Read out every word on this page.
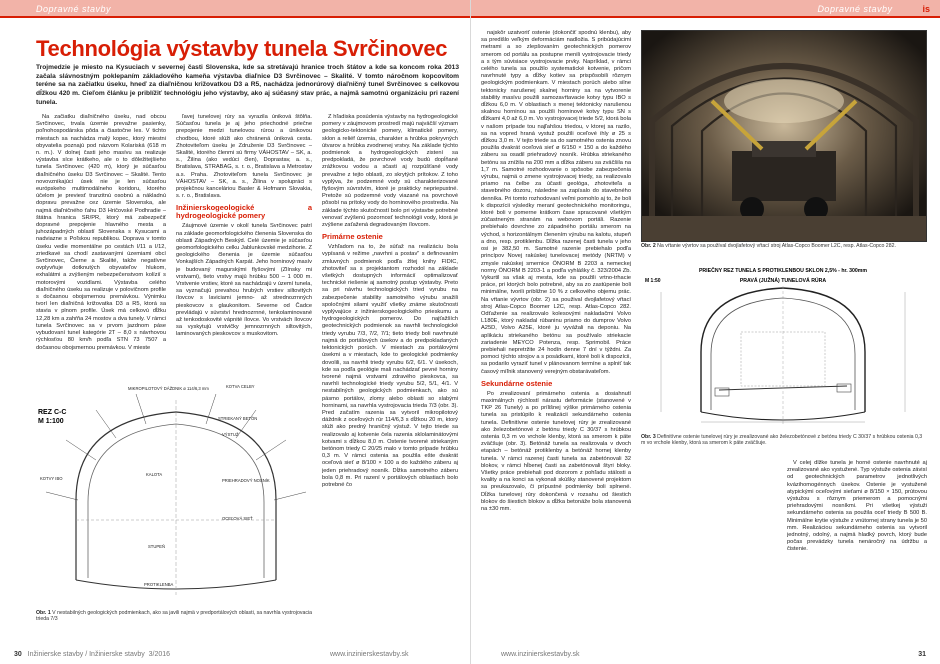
Dopravné stavby
Technológia výstavby tunela Svrčinovec
Trojmedzie je miesto na Kysuciach v severnej časti Slovenska, kde sa stretávajú hranice troch štátov a kde sa koncom roka 2013 začala slávnostným poklepaním základového kameňa výstavba diaľnice D3 Svrčinovec – Skalité. V tomto náročnom kopcovitom teréne sa na začiatku úseku, hneď za diaľničnou križovatkou D3 a R5, nachádza jednorúrový diaľničný tunel Svrčinovec s celkovou dĺžkou 420 m. Cieľom článku je priblížiť technológiu jeho výstavby, ako aj súčasný stav prác, a najmä samotnú organizáciu pri razení tunela.

Na začiatku diaľničného úseku, nad obcou Svrčinovec, trvala územie prevažne pasienky, poľnohospodárska pôda a čiastočne les. V tichto miestach sa nachádza malý kopec, ktorý miestni obyvatelia poznajú pod názvom Kolariská (618 m n. m.). V dolnej časti jeho masívu sa realizuje výstavba síce krátkeho, ale o to dôležitejšieho tunela Svrčinovec (420 m), ktorý je súčasťou diaľničného úseku D3 Svrčinovec – Skalité. Tento novovznikajúci úsek nie je len súčasťou európskeho multimodálneho koridoru, ktorého účelom je previesť tranzitnú osobnú a nákladnú dopravu prevažne cez územie Slovenska, ale najmä diaľničného ťahu D3 Hričovské Podhradie – štátna hranica SR/PR, ktorý má zabezpečiť dopravné prepojenie hlavného mesta a juhozápadných oblastí Slovenska s Kysucami a nadviazne s Poľskou republikou. Doprava v tomto úseku vedie momentálne po cestách I/11 a I/12, zriedkavé sa chodí zastavanými územiami obcí Svrčinovec, Čierne a Skalité, takže negatívne ovplyvňuje dotknutých obyvateľov hlukom, exhalátmi a zvýšeným nebezpečenstvom kolízií s motorovými vozidlami. Výstavba celého diaľničného úseku sa realizuje v polovičnom profile s dočasnou obojsmernou premávkou. Výnimku tvorí len diaľničná križovatka D3 a R5, ktorá sa stavia v plnom profile. Úsek má celkovú dĺžku 12,28 km a zahŕňa 24 mostov a dva tunely. V rámci tunela Svrčinovec sa v prvom jazdnom páse vybudovaní tunel kategórie 2T – 8,0 s návrhovou rýchlosťou 80 km/h podľa STN 73 7507 a dočasnou obojsmernou premávkou. V mieste

ľavej tunelovej rúry sa vyrazila úniková štôlňa. Súčasťou tunela je aj jeho priechodné priečne prepojenie medzi tunelovou rúrou a únikovou chodbou, ktoré slúži ako chránená úniková cesta. Zhotoviteľom úseku je Združenie D3 Svrčinovec – Skalité, ktorého členmi sú firmy VÁHOSTAV – SK, a. s., Žilina (ako vedúci člen), Doprastav, a. s., Bratislava, STRABAG, s. r. o., Bratislava a Metrostav a.s. Praha. Zhotoviteľom tunela Svrčinovec je VÁHOSTAV – SK, a. s., Žilina v spolupráci s projekčnou kanceláriou Basler & Hofmann Slovakia, s. r. o., Bratislava.

Inžinierskogeologické a hydrogeologické pomery

Záujmové územie v okolí tunela Svrčinovec patrí na základe geomorfologického členenia Slovenska do oblasti Západných Beskýd. Celé územie je súčasťou geomorfologického celku Jablunkovské medzihorie. Z geologického členenia je územie súčasťou Vonkajších Západných Karpát. Jeho horninový masív je budovaný magurskými flyšovými (Zlínsky mi vrstvami), tieto vrstvy majú hrúbku 500 – 1 000 m. Vrstvenie vrstiev, ktoré sa nachádzajú v území tunela, sa vyznačujú prevahou hrubých vrstiev siltovitých ílovcov s laviciami jemno- až strednozrnných pieskovcov s glaukonitom. Severne od Čadce prevládajú v súvrství hrednozrnné, tenkolaminované až tenkodoskovité vápnité ílovce. Vo vrstvách ílovcov sa vyskytujú vrstvičky jemnozrnných siltovitých, laminovaných pieskovcov s muskovitom.

Z hľadiska posúdenia výstavby na hydrogeologické pomery v záujmovom prostredí majú najväčší význam geologicko-tektonické pomery, klimatické pomery, sklon a reliéf územia, charakter a hrúbka pokryvných útvarov a hrúbka zvodnenej vrstvy. Na základe týchto podmienok a hydrogeologických zistení sa predpokladá, že povrchové vody budú dopĺňané zrážkovou vodou a sčasti aj rozpúšťané vody prevažne z tejto oblasti, zo skrytých prítokov. Z toho vyplýva, že podzemné vody sú charakterizované flyšovým súvrstvím, ktoré je prakticky nepriepustné. Pretože sú podzemné vody viazané na povrchové pôsobí na prítoky vody do horninového prostredia. Na základe týchto skutočností bolo pri výstavbe potrebné venovať zvýšenú pozornosť technológii vody, ktorá je zvýšene zaťažená degradovaným ílovcom.

Primárne ostenie

Vzhľadom na to, že súťaž na realizáciu bola vypísaná v režime „navrhni a postav" s definovaním zmluvných podmienok podľa žltej knihy FIDIC, zhotoviteľ sa s projektantom rozhodol na základe všetkých dostupných informácií optimalizovať technické riešenie aj samotný postup výstavby. Preto sa pri návrhu technologických tried vyrubu na zabezpečenie stability samotného výrubu snažili spoločnými silami využiť všetky známe skutočnosti vyplývajúce z inžinierskogeologického prieskumu a hydrogeologických pomerov. Do najťažších geotechnických podmienok sa navrhli technologické triedy vyrubu 7/3, 7/2, 7/1; tieto triedy boli navrhnuté najmä do portálových úsekov a do predpokladaných tektonických porúch. V miestach za portálovými úsekmi a v miestach, kde to geologické podmienky dovolili, sa navrhli triedy vyrubu 6/2, 6/1. V úsekoch, kde sa podľa geológie mali nachádzať pevné horniny tvorené najmä vrstvami zdravého pieskovca, sa navrhli technologické triedy vyrubu 5/2, 5/1, 4/1. V nestabilných geologických podmienkach, ako sú pásmo portálov, zlomy alebo oblasti so slabými horninami, sa navrhla vystrojovacia trieda 7/3 (obr. 3). Pred začatím razenia sa vytvoril mikropilotový dáždnik z oceľových rúr 114/6,3 s dĺžkou 20 m, ktorý slúži ako predný hraničný výstuž. V tejto triede sa realizovalo aj kotvenie čela razenia sklolaminátovými kotvami s dĺžkou 8,0 m. Ostenie tvorené striekaným betónom triedy C 20/25 malo v tomto prípade hrúbku 0,3 m. V rámci ostenia sa použila ešte dvakrát oceľová sieť ø 8/100 × 100 a do každého záberu aj jeden priehradový nosník. Dĺžka samotného záberu bola 0,8 m. Pri razení v portálových oblastiach bolo potrebné čo

REZ C-C
M 1:100
MIKROPILOTOVÝ DÁŽDNIK ø 114/6,3 mm	KOTVA CELBY
STRIEKANÝ BETÓN
VÝSTUŽ
KALOTA
PRIEHRADOVÝ NOSNÍK
STUPEŇ
PROTIKLENBA
KOTVY IBO
OCEĽOVÁ SIEŤ
Obr. 1 V nestabilných geologických podmienkach, ako sa javili najmä v predportálových oblasti, sa navrhla vystrojovacia trieda 7/3
30 Inžinierske stavby / Inžinierske stavby 3/2016	www.inzinierskestavby.sk
Dopravné stavby	is

najskôr uzatvoriť ostenie (dokončiť spodnú klenbu), aby sa predišlo veľkým deformáciám nadložia. S pribúdajúcimi metrami a so zlepšovaním geotechnických pomerov smerom od portálu sa postupne menili vystrojovacie triedy a s tým súvisiace vystrojovacie prvky. Napríklad, v rámci celého tunela sa použilo systematické kotvenie, pričom navrhnuté typy a dĺžky kotiev sa prispôsobili rôznym geologickým podmienkam. V miestach porúch alebo silne tektonicky narušenej skalnej horniny sa na vytvorenie stability masívu použili samozavŕtavacie kotvy typu IBO s dĺžkou 6,0 m. V oblastiach s menej tektonicky narušenou skalnou horninou sa použili horninové kotvy typu SN s dĺžkami 4,0 až 6,0 m. Vo vystrojovacej triede 5/2, ktorá bola v našom prípade tou najľahšou triedou, v ktorej sa razilo, sa na vopred hraná vystuž použili oceľové ihly ø 25 s dĺžkou 3,0 m. V tejto triede sa do samotného ostenia znovu použila dvakrát oceľová sieť ø 6/150 × 150 a do každého záberu sa osadil priehradový nosník. Hrúbka striekaného betónu sa znížila na 200 mm a dĺžka záberu sa zväčšila na 1,7 m. Samotné rozhodovanie o spôsobe zabezpečenia výrubu, najmä o zmene vystrojovacej triedy, sa realizovalo priamo na čelbe za účasti geológa, zhotoviteľa a stavebného dozoru, následne sa zapísalo do stavebného denníka. Pri tomto rozhodovaní veľmi pomohlo aj to, že boli k dispozícii výsledky meraní geotechnického monitoringu, ktoré boli v pomerne krátkom čase spracované všetkým zúčastneným stranám na webovom portáli. Razenie prebiehalo dovrchne zo západného portálu smerom na východ, s horizontálnym členením výrubu na kalotu, stupeň a dno, resp. protiklenbu. Dĺžka razenej časti tunela v jeho osi je 382,50 m. Samotné razenie prebiehalo podľa princípov Novej rakúskej tunelovacej metódy (NRTM) v zmysle rakúskej smernice ÖNORM B 2203 a nemeckej normy ÖNORM B 2203-1 a podľa vyhlášky č. 323/2004 Zb. Vykurtil sa však aj mesta, kde sa použili vrtno-trhacie práce, pri ktorých bolo potrebné, aby sa zo zastúpenie boli minimálne, tvorili približne 10 % z celkového objemu prác. Na vŕtanie vývrtov (obr. 2) sa použival dvojlafetový vŕtací stroj Atlas-Copco Boomer L2C, resp. Atlas-Copco 282. Odťaženie sa realizovalo kolesovými nakladačmi Volvo L180E, ktorý nakladal rúbaninu priamo do dumprov Volvo A25D, Volvo A25E, ktoré ju vyvážali na deponiu. Na aplikáciu striekaného betónu sa používalo striekacie zariadenie MEYCO Potenza, resp. Sprimobil. Práce prebiehali nepretržite 24 hodín denne 7 dní v týždni. Za pomoci týchto strojov a s posádkami, ktoré boli k dispozícii, sa podarilo vyraziť tunel v plánovanom termíne a splniť tak časový míľnik stanovený verejným obstarávateľom.

Sekundárne ostenie

Po zrealizovaní primárneho ostenia a dosiahnutí maximálnych rýchlostí nárastu deformácie (stanovené v TKP 26 Tunely) a po prílišnej výške primárneho ostenia tunela sa pristúpilo k realizácii sekundárneho ostenia tunela. Definitívne ostenie tunelovej rúry je zrealizované ako železobetónové z betónu triedy C 30/37 s hrúbkou ostenia 0,3 m vo vrchole klenby, ktorá sa smerom k päte zväčšuje (obr. 3). Betónáž tunela sa realizovala v dvoch etapách – betónáž protiklenby a betónáž hornej klenby tunela. V rámci razenej časti tunela sa zabetónovali 32 blokov, v rámci hĺbenej časti sa zabetónovali štyri bloky. Všetky práce prebiehali pod dozorom z pohľadu stálosti a kvality a na konci sa vykonali skúšky stanovené projektom sa preukazovalo, či prípustné podmienky boli splnené. Dĺžka tunelovej rúry dokončená v rozsahu od šiestich blokov do šiestich blokov a dĺžka betonáže bola stanovená na ±30 mm.

Obr. 2 Na vŕtanie vývrtov sa používal dvojlafetový vŕtací stroj Atlas-Copco Boomer L2C, resp. Atlas-Copco 282.
PRIEČNY REZ TUNELA S PROTIKLENBOU SKLON 2,5% - hr. 300mm
M 1:50	PRAVÁ (JUŽNÁ) TUNELOVÁ RÚRA
Obr. 3 Definitívne ostenie tunelovej rúry je zrealizované ako železobetónové z betónu triedy C 30/37 s hrúbkou ostenia 0,3 m vo vrchole klenby, ktorá sa smerom k päte zväčšuje.

V celej dĺžke tunela je horné ostenie navrhnuté aj zrealizované ako vystužené. Typ výstuže ostenia závisí od geotechnických parametrov jednotlivých kvázihomogénnych úsekov. Ostenie je vystužené atypickými oceľovými sieťami ø 8/150 × 150, prútovou výstužou s rôznym priemerom a pomocnými priehradovými nosníkmi. Pri všetkej výstuži sekundárneho ostenia sa použila oceľ triedy B 500 B. Minimálne krytie výstuže z vnútornej strany tunela je 50 mm. Realizáciou sekundárneho ostenia sa vytvoril jednotný, odolný, a najmä hladký povrch, ktorý bude počas prevádzky tunela nenáročný na údržbu a čistenie.

www.inzinierskestavby.sk	31
